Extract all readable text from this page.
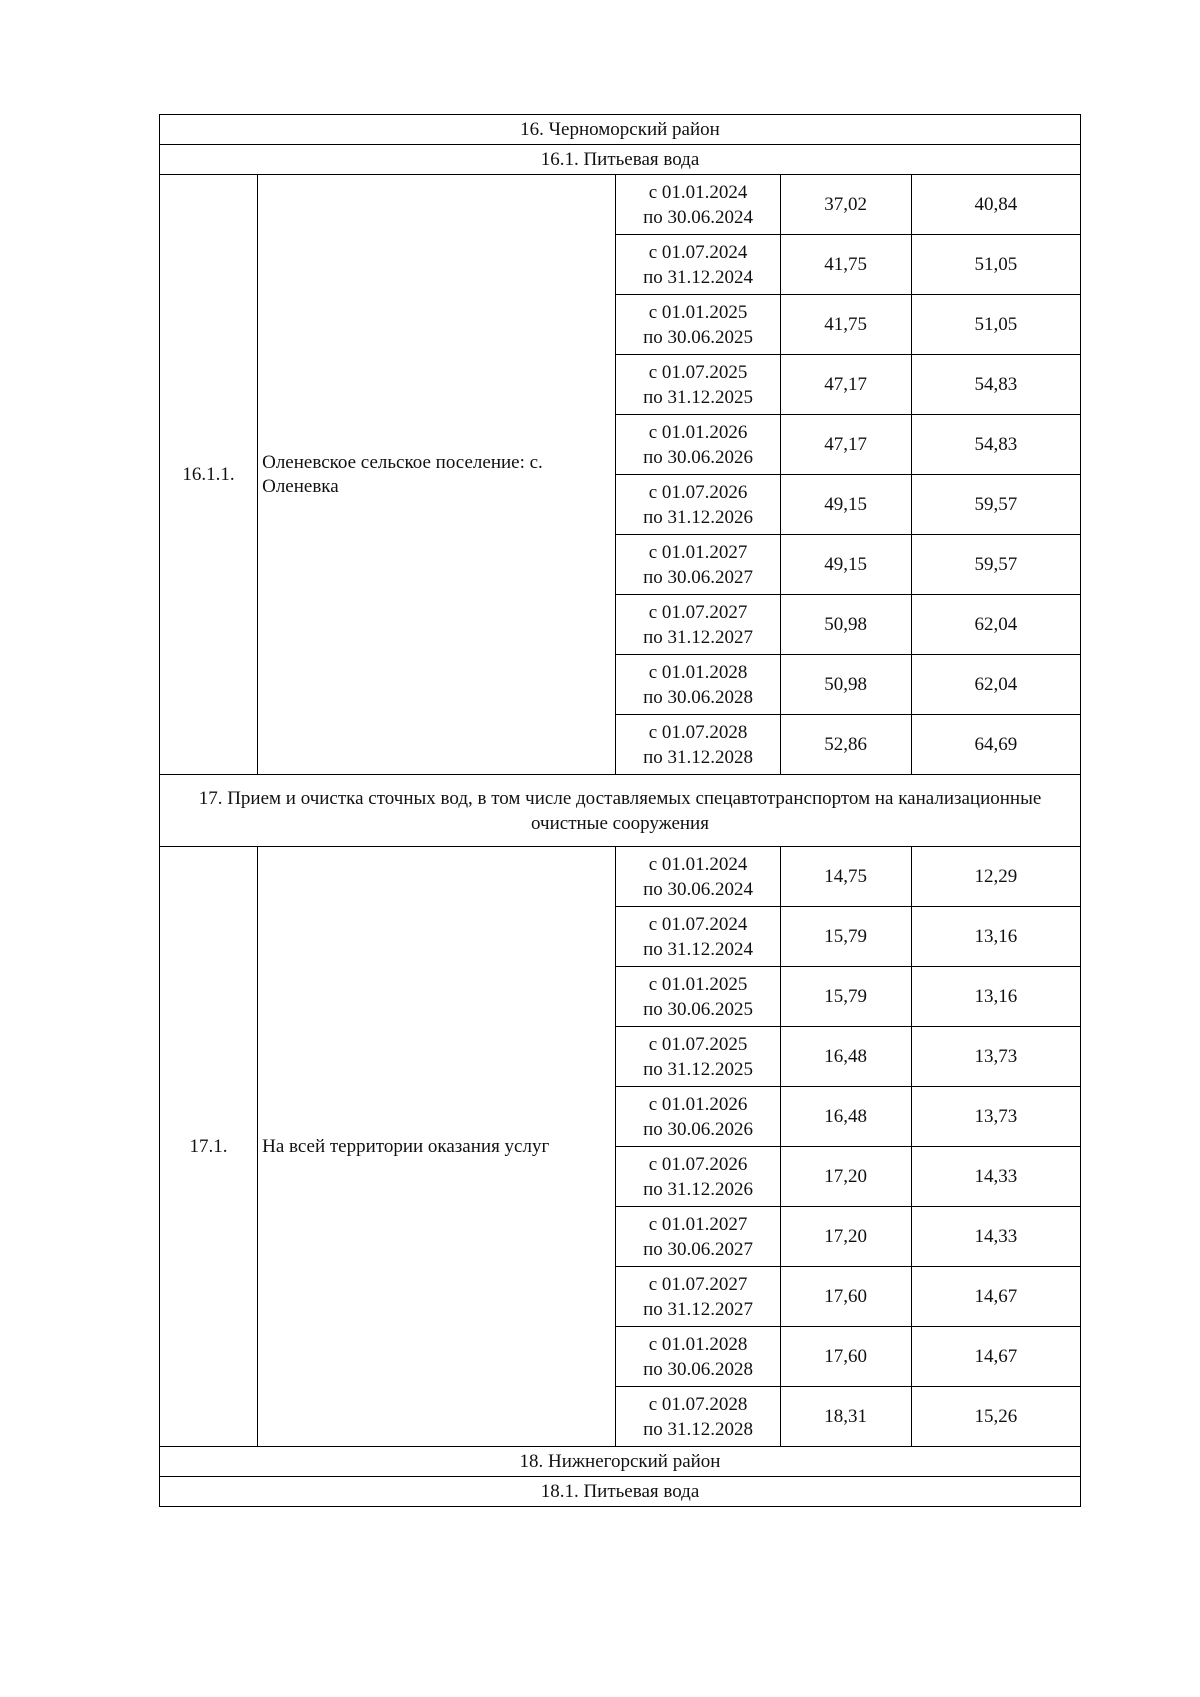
16. Черноморский район				
16.1. Питьевая вода				
16.1.1.	Оленевское сельское поселение: с. Оленевка	с 01.01.2024
по 30.06.2024	37,02	40,84

		с 01.07.2024
по 31.12.2024	41,75	51,05

		с 01.01.2025
по 30.06.2025	41,75	51,05

		с 01.07.2025
по 31.12.2025	47,17	54,83

		с 01.01.2026
по 30.06.2026	47,17	54,83

		с 01.07.2026
по 31.12.2026	49,15	59,57

		с 01.01.2027
по 30.06.2027	49,15	59,57

		с 01.07.2027
по 31.12.2027	50,98	62,04

		с 01.01.2028
по 30.06.2028	50,98	62,04

		с 01.07.2028
по 31.12.2028	52,86	64,69
17. Прием и очистка сточных вод, в том числе доставляемых спецавтотранспортом на канализационные очистные сооружения				
17.1.	На всей территории оказания услуг	с 01.01.2024
по 30.06.2024	14,75	12,29

		с 01.07.2024
по 31.12.2024	15,79	13,16

		с 01.01.2025
по 30.06.2025	15,79	13,16

		с 01.07.2025
по 31.12.2025	16,48	13,73

		с 01.01.2026
по 30.06.2026	16,48	13,73

		с 01.07.2026
по 31.12.2026	17,20	14,33

		с 01.01.2027
по 30.06.2027	17,20	14,33

		с 01.07.2027
по 31.12.2027	17,60	14,67

		с 01.01.2028
по 30.06.2028	17,60	14,67

		с 01.07.2028
по 31.12.2028	18,31	15,26
18. Нижнегорский район				
18.1. Питьевая вода				
